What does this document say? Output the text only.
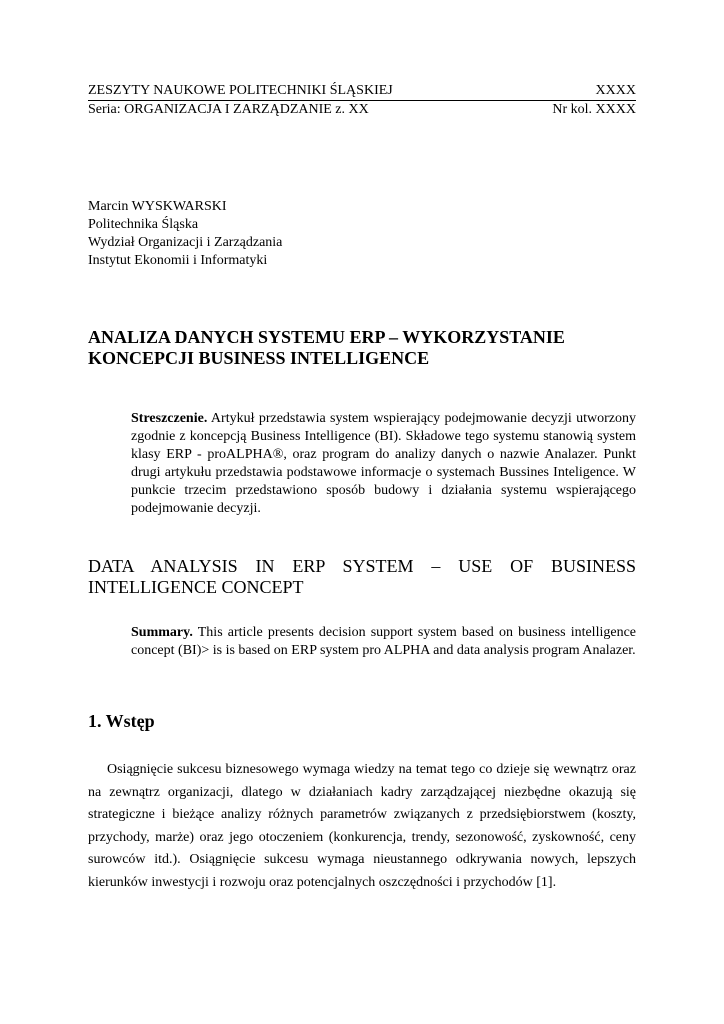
ZESZYTY NAUKOWE POLITECHNIKI ŚLĄSKIEJ	XXXX
Seria: ORGANIZACJA I ZARZĄDZANIE z. XX	Nr kol. XXXX
Marcin WYSKWARSKI
Politechnika Śląska
Wydział Organizacji i Zarządzania
Instytut Ekonomii i Informatyki
ANALIZA DANYCH SYSTEMU ERP – WYKORZYSTANIE
KONCEPCJI BUSINESS INTELLIGENCE
Streszczenie. Artykuł przedstawia system wspierający podejmowanie decyzji utworzony zgodnie z koncepcją Business Intelligence (BI). Składowe tego systemu stanowią system klasy ERP - proALPHA®, oraz program do analizy danych o nazwie Analazer. Punkt drugi artykułu przedstawia podstawowe informacje o systemach Bussines Inteligence. W punkcie trzecim przedstawiono sposób budowy i działania systemu wspierającego podejmowanie decyzji.
DATA ANALYSIS IN ERP SYSTEM – USE OF BUSINESS INTELLIGENCE CONCEPT
Summary. This article presents decision support system based on business intelligence concept (BI)> is is based on ERP system pro ALPHA and data analysis program Analazer.
1. Wstęp
Osiągnięcie sukcesu biznesowego wymaga wiedzy na temat tego co dzieje się wewnątrz oraz na zewnątrz organizacji, dlatego w działaniach kadry zarządzającej niezbędne okazują się strategiczne i bieżące analizy różnych parametrów związanych z przedsiębiorstwem (koszty, przychody, marże) oraz jego otoczeniem (konkurencja, trendy, sezonowość, zyskowność, ceny surowców itd.). Osiągnięcie sukcesu wymaga nieustannego odkrywania nowych, lepszych kierunków inwestycji i rozwoju oraz potencjalnych oszczędności i przychodów [1].
